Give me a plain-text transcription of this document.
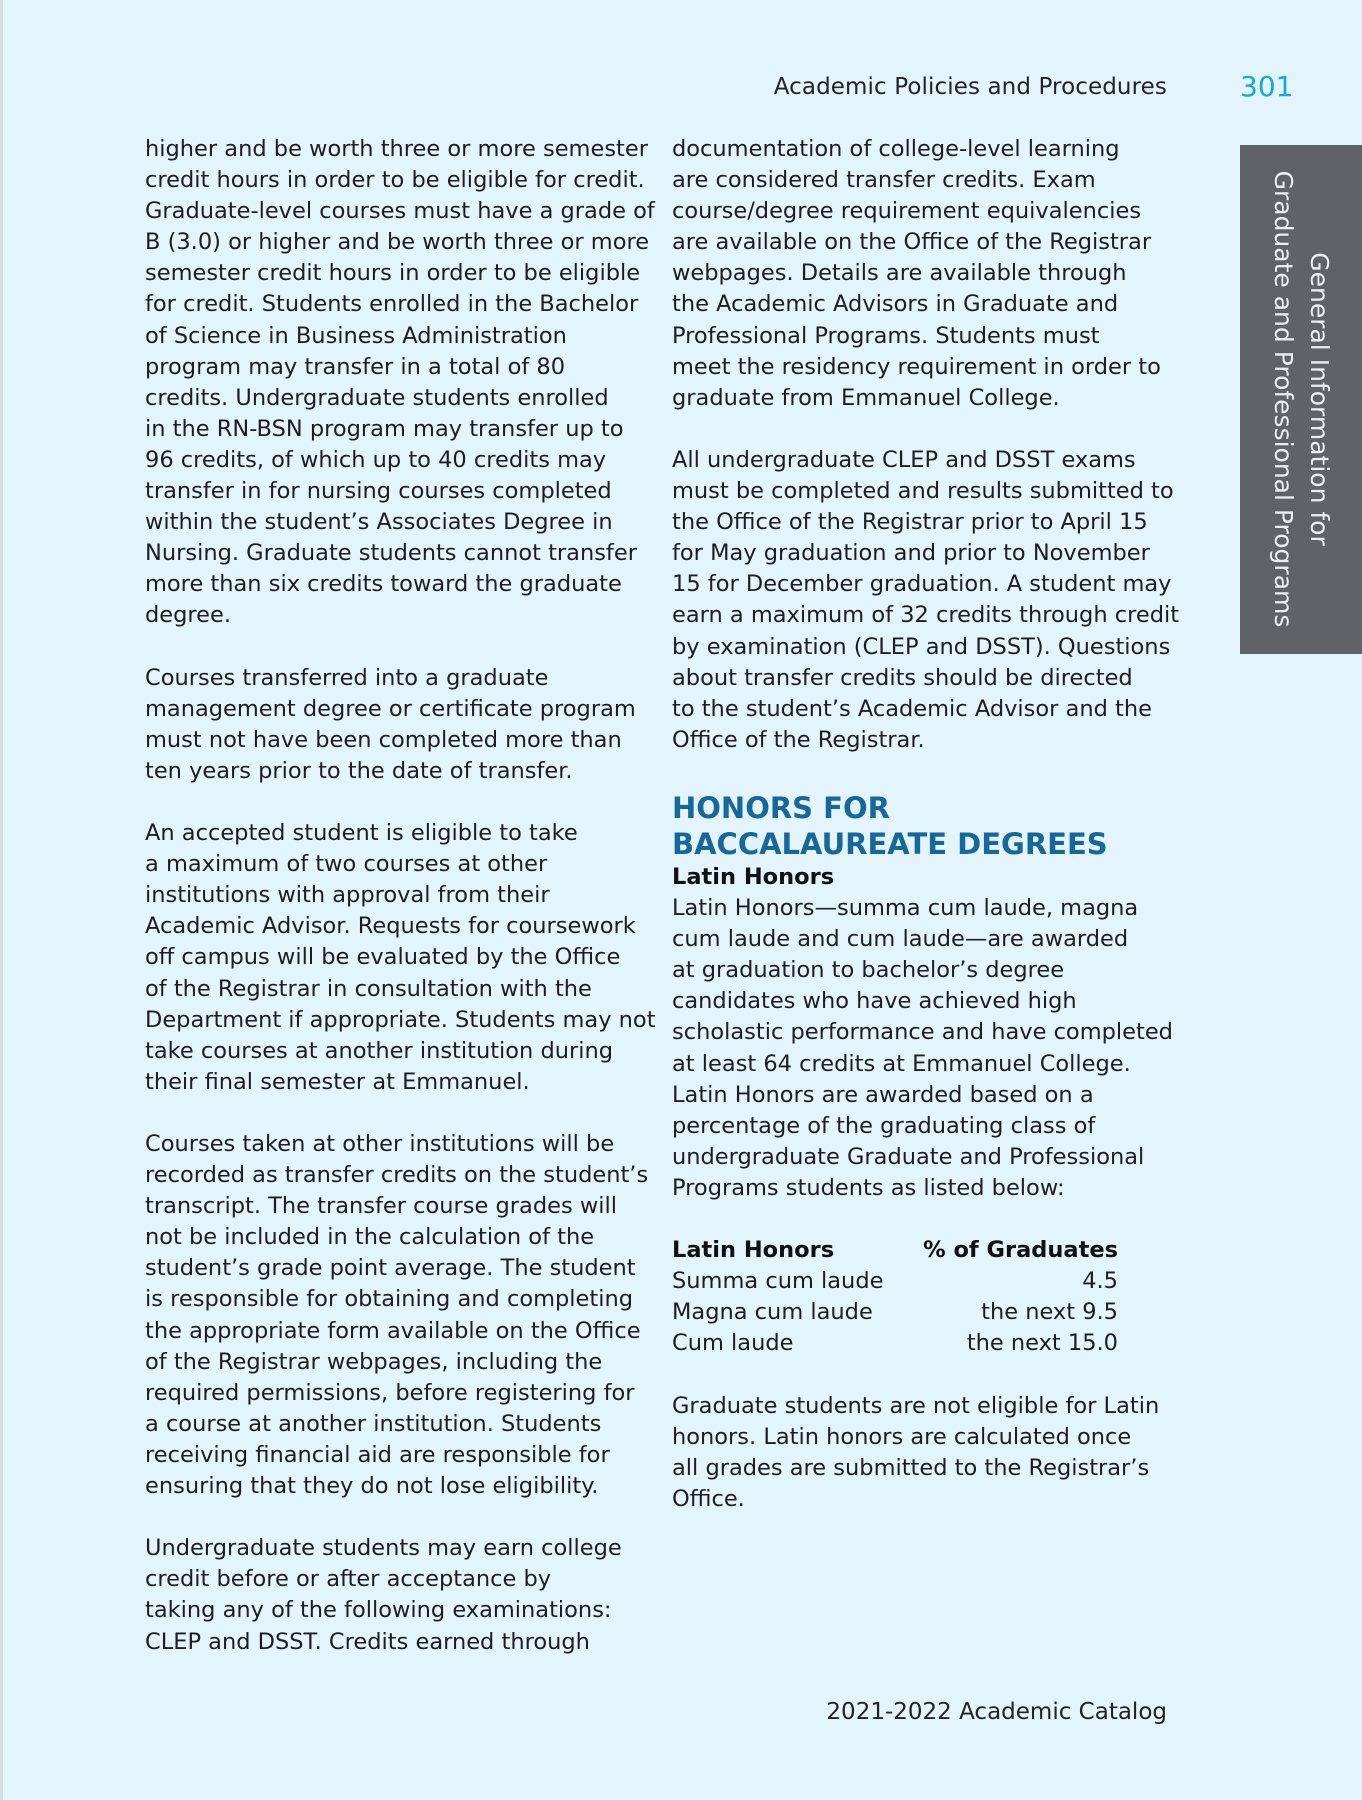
Academic Policies and Procedures	301
General Information for
Graduate and Professional Programs

higher and be worth three or more semester
credit hours in order to be eligible for credit.
Graduate-level courses must have a grade of
B (3.0) or higher and be worth three or more
semester credit hours in order to be eligible
for credit. Students enrolled in the Bachelor
of Science in Business Administration
program may transfer in a total of 80
credits. Undergraduate students enrolled
in the RN-BSN program may transfer up to
96 credits, of which up to 40 credits may
transfer in for nursing courses completed
within the student’s Associates Degree in
Nursing. Graduate students cannot transfer
more than six credits toward the graduate
degree.

Courses transferred into a graduate
management degree or certificate program
must not have been completed more than
ten years prior to the date of transfer.

An accepted student is eligible to take
a maximum of two courses at other
institutions with approval from their
Academic Advisor. Requests for coursework
off campus will be evaluated by the Office
of the Registrar in consultation with the
Department if appropriate. Students may not
take courses at another institution during
their final semester at Emmanuel.

Courses taken at other institutions will be
recorded as transfer credits on the student’s
transcript. The transfer course grades will
not be included in the calculation of the
student’s grade point average. The student
is responsible for obtaining and completing
the appropriate form available on the Office
of the Registrar webpages, including the
required permissions, before registering for
a course at another institution. Students
receiving financial aid are responsible for
ensuring that they do not lose eligibility.

Undergraduate students may earn college
credit before or after acceptance by
taking any of the following examinations:
CLEP and DSST. Credits earned through

documentation of college-level learning
are considered transfer credits. Exam
course/degree requirement equivalencies
are available on the Office of the Registrar
webpages. Details are available through
the Academic Advisors in Graduate and
Professional Programs. Students must
meet the residency requirement in order to
graduate from Emmanuel College.

All undergraduate CLEP and DSST exams
must be completed and results submitted to
the Office of the Registrar prior to April 15
for May graduation and prior to November
15 for December graduation. A student may
earn a maximum of 32 credits through credit
by examination (CLEP and DSST). Questions
about transfer credits should be directed
to the student’s Academic Advisor and the
Office of the Registrar.

HONORS FOR
BACCALAUREATE DEGREES
Latin Honors

Latin Honors—summa cum laude, magna
cum laude and cum laude—are awarded
at graduation to bachelor’s degree
candidates who have achieved high
scholastic performance and have completed
at least 64 credits at Emmanuel College.
Latin Honors are awarded based on a
percentage of the graduating class of
undergraduate Graduate and Professional
Programs students as listed below:

Latin Honors	% of Graduates
Summa cum laude	4.5
Magna cum laude	the next 9.5
Cum laude	the next 15.0

Graduate students are not eligible for Latin
honors. Latin honors are calculated once
all grades are submitted to the Registrar’s
Office.

2021-2022 Academic Catalog
